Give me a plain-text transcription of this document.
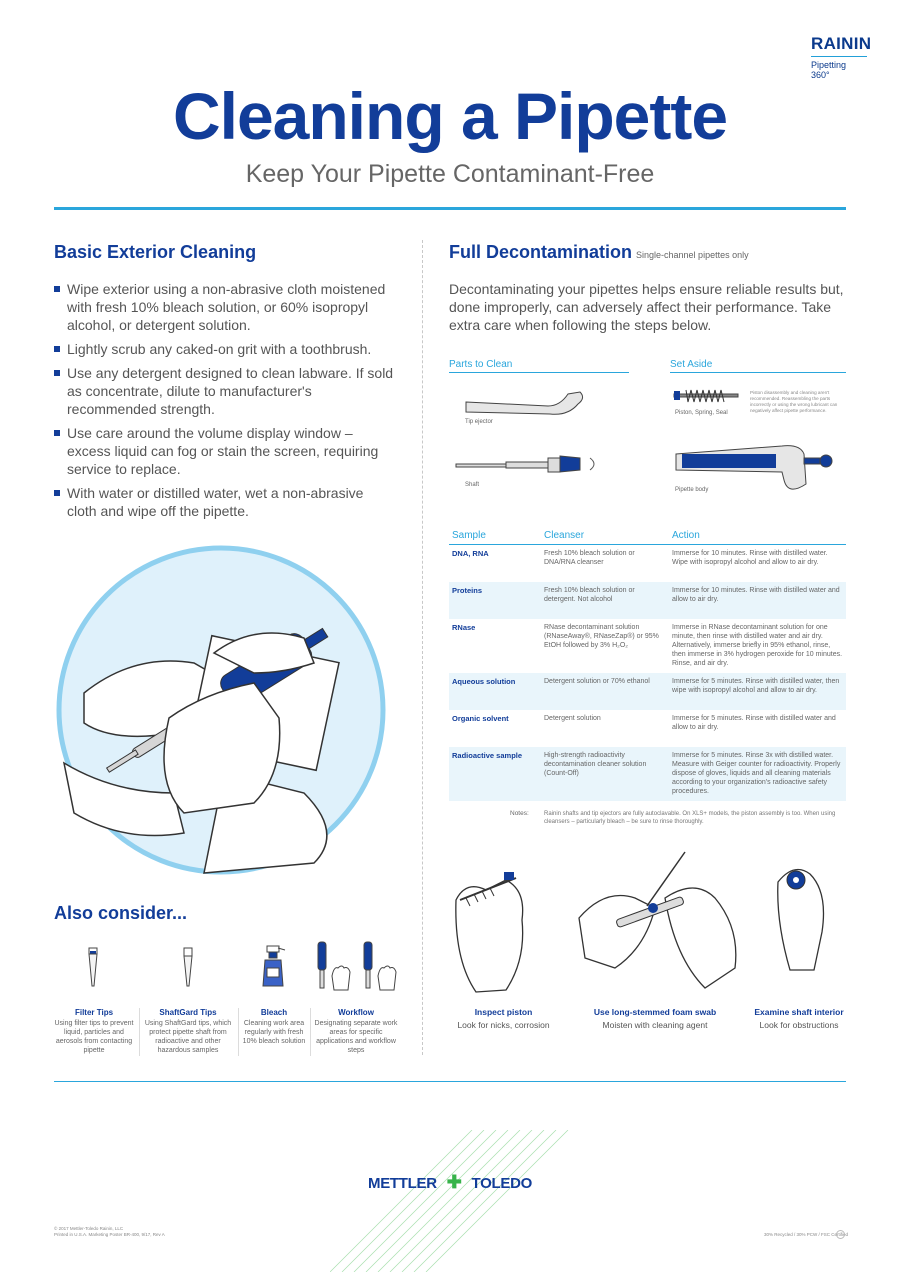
RAININ
Pipetting 360°
Cleaning a Pipette
Keep Your Pipette Contaminant-Free
Basic Exterior Cleaning
Wipe exterior using a non-abrasive cloth moistened with fresh 10% bleach solution, or 60% isopropyl alcohol, or detergent solution.
Lightly scrub any caked-on grit with a toothbrush.
Use any detergent designed to clean labware. If sold as concentrate, dilute to manufacturer's recommended strength.
Use care around the volume display window – excess liquid can fog or stain the screen, requiring service to replace.
With water or distilled water, wet a non-abrasive cloth and wipe off the pipette.
Also consider...
Filter Tips
Using filter tips to prevent liquid, particles and aerosols from contacting pipette
ShaftGard Tips
Using ShaftGard tips, which protect pipette shaft from radioactive and other hazardous samples
Bleach
Cleaning work area regularly with fresh 10% bleach solution
Workflow
Designating separate work areas for specific applications and workflow steps
Full Decontamination Single-channel pipettes only

Decontaminating your pipettes helps ensure reliable results but, done improperly, can adversely affect their performance. Take extra care when following the steps below.

Parts to Clean	Set Aside
Tip ejector
Shaft
Piston, Spring, Seal
Piston disassembly and cleaning aren't recommended. Reassembling the parts incorrectly or using the wrong lubricant can negatively affect pipette performance.
Pipette body
Sample	Cleanser	Action
DNA, RNA	Fresh 10% bleach solution or DNA/RNA cleanser	Immerse for 10 minutes. Rinse with distilled water. Wipe with isopropyl alcohol and allow to air dry.
Proteins	Fresh 10% bleach solution or detergent. Not alcohol	Immerse for 10 minutes. Rinse with distilled water and allow to air dry.
RNase	RNase decontaminant solution (RNaseAway®, RNaseZap®) or 95% EtOH followed by 3% H₂O₂	Immerse in RNase decontaminant solution for one minute, then rinse with distilled water and air dry. Alternatively, immerse briefly in 95% ethanol, rinse, then immerse in 3% hydrogen peroxide for 10 minutes. Rinse, and air dry.
Aqueous solution	Detergent solution or 70% ethanol	Immerse for 5 minutes. Rinse with distilled water, then wipe with isopropyl alcohol and allow to air dry.
Organic solvent	Detergent solution	Immerse for 5 minutes. Rinse with distilled water and allow to air dry.
Radioactive sample	High-strength radioactivity decontamination cleaner solution (Count-Off)	Immerse for 5 minutes. Rinse 3x with distilled water. Measure with Geiger counter for radioactivity. Properly dispose of gloves, liquids and all cleaning materials according to your organization's radioactive safety procedures.
Notes:	Rainin shafts and tip ejectors are fully autoclavable. On XLS+ models, the piston assembly is too. When using cleansers – particularly bleach – be sure to rinse thoroughly.
Inspect piston
Look for nicks, corrosion
Use long-stemmed foam swab
Moisten with cleaning agent
Examine shaft interior
Look for obstructions
METTLER ✚ TOLEDO
© 2017 Mettler-Toledo Rainin, LLC
Printed in U.S.A. Marketing Poster BR-400, 9/17, Rev A	30% Recycled / 30% PCW / FSC Certified
